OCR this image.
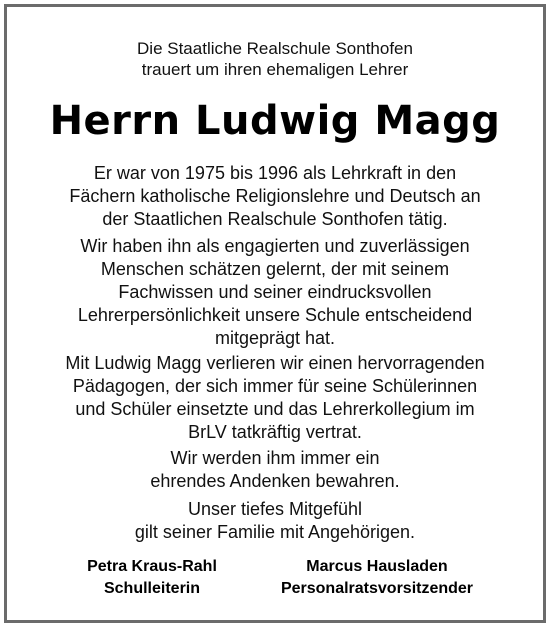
Die Staatliche Realschule Sonthofen

trauert um ihren ehemaligen Lehrer

Herrn Ludwig Magg
Er war von 1975 bis 1996 als Lehrkraft in den
Fächern katholische Religionslehre und Deutsch an
der Staatlichen Realschule Sonthofen tätig.
Wir haben ihn als engagierten und zuverlässigen
Menschen schätzen gelernt, der mit seinem
Fachwissen und seiner eindrucksvollen
Lehrerpersönlichkeit unsere Schule entscheidend
mitgeprägt hat.
Mit Ludwig Magg verlieren wir einen hervorragenden
Pädagogen, der sich immer für seine Schülerinnen
und Schüler einsetzte und das Lehrerkollegium im
BrLV tatkräftig vertrat.
Wir werden ihm immer ein
ehrendes Andenken bewahren.
Unser tiefes Mitgefühl
gilt seiner Familie mit Angehörigen.
Petra Kraus-Rahl
Schulleiterin
Marcus Hausladen
Personalratsvorsitzender
